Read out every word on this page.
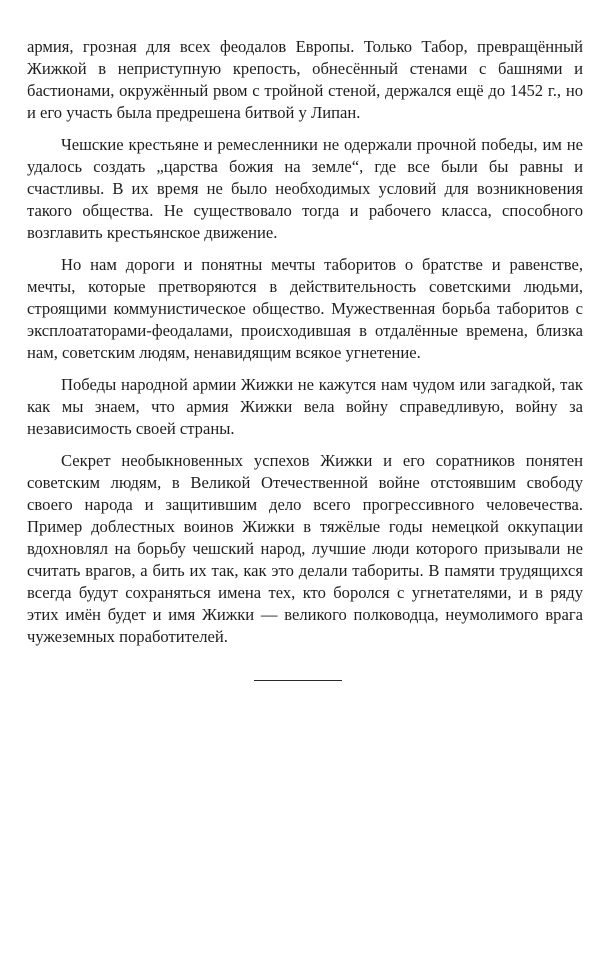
армия, грозная для всех феодалов Европы. Только Табор, превращённый Жижкой в неприступную крепость, обнесённый стенами с башнями и бастионами, окружённый рвом с тройной стеной, держался ещё до 1452 г., но и его участь была предрешена битвой у Липан.

Чешские крестьяне и ремесленники не одержали прочной победы, им не удалось создать „царства божия на земле“, где все были бы равны и счастливы. В их время не было необходимых условий для возникновения такого общества. Не существовало тогда и рабочего класса, способного возглавить крестьянское движение.

Но нам дороги и понятны мечты таборитов о братстве и равенстве, мечты, которые претворяются в действительность советскими людьми, строящими коммунистическое общество. Мужественная борьба таборитов с эксплоататорами-феодалами, происходившая в отдалённые времена, близка нам, советским людям, ненавидящим всякое угнетение.

Победы народной армии Жижки не кажутся нам чудом или загадкой, так как мы знаем, что армия Жижки вела войну справедливую, войну за независимость своей страны.

Секрет необыкновенных успехов Жижки и его соратников понятен советским людям, в Великой Отечественной войне отстоявшим свободу своего народа и защитившим дело всего прогрессивного человечества. Пример доблестных воинов Жижки в тяжёлые годы немецкой оккупации вдохновлял на борьбу чешский народ, лучшие люди которого призывали не считать врагов, а бить их так, как это делали табориты. В памяти трудящихся всегда будут сохраняться имена тех, кто боролся с угнетателями, и в ряду этих имён будет и имя Жижки — великого полководца, неумолимого врага чужеземных поработителей.
